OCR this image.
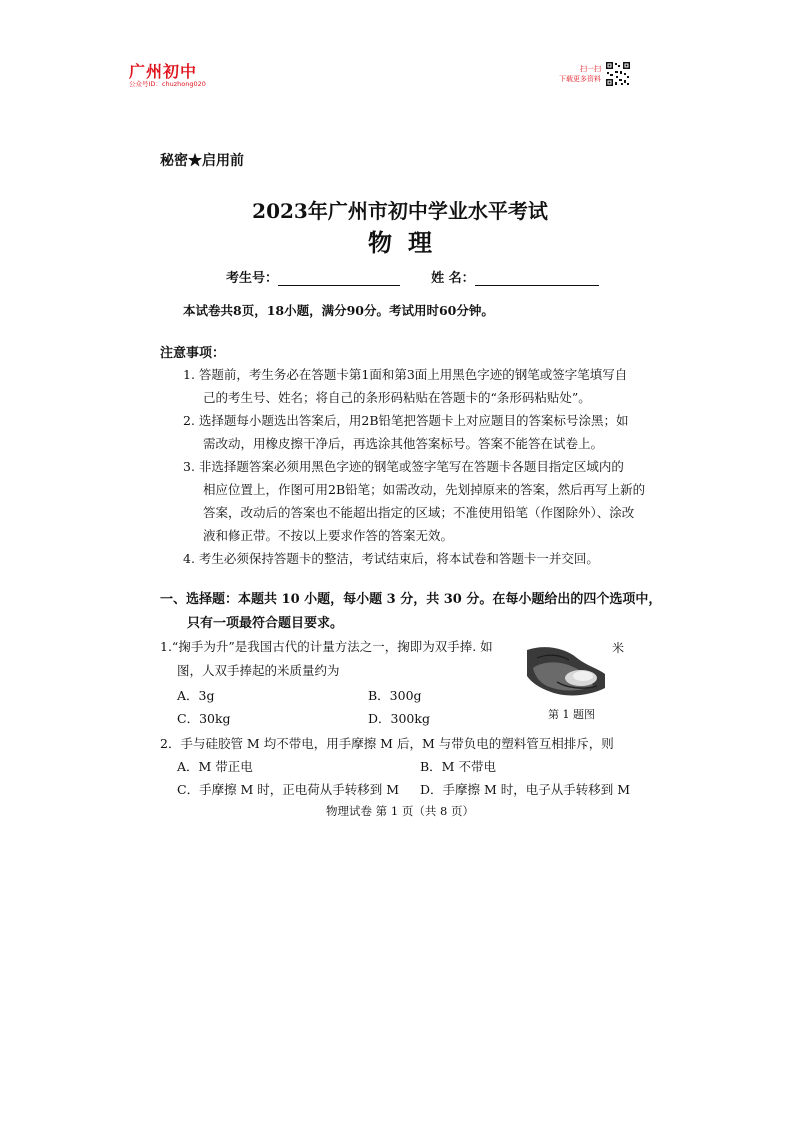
广州初中
公众号ID：chuzhong020
扫一扫
下载更多资料
秘密★启用前
2023年广州市初中学业水平考试
物理
考生号：	姓 名：
本试卷共8页，18小题，满分90分。考试用时60分钟。
注意事项：
1. 答题前，考生务必在答题卡第1面和第3面上用黑色字迹的钢笔或签字笔填写自
己的考生号、姓名；将自己的条形码粘贴在答题卡的“条形码粘贴处”。
2. 选择题每小题选出答案后，用2B铅笔把答题卡上对应题目的答案标号涂黑；如
需改动，用橡皮擦干净后，再选涂其他答案标号。答案不能答在试卷上。
3. 非选择题答案必须用黑色字迹的钢笔或签字笔写在答题卡各题目指定区域内的
相应位置上，作图可用2B铅笔；如需改动，先划掉原来的答案，然后再写上新的
答案，改动后的答案也不能超出指定的区域；不准使用铅笔（作图除外）、涂改
液和修正带。不按以上要求作答的答案无效。
4. 考生必须保持答题卡的整洁，考试结束后，将本试卷和答题卡一并交回。
一、选择题：本题共 10 小题，每小题 3 分，共 30 分。在每小题给出的四个选项中，
只有一项最符合题目要求。
1.“掬手为升”是我国古代的计量方法之一，掬即为双手捧. 如
图，人双手捧起的米质量约为
A．3g	B．300g
C．30kg	D．300kg
米
第 1 题图
2．手与硅胶管 M 均不带电，用手摩擦 M 后，M 与带负电的塑料管互相排斥，则
A．M 带正电	B．M 不带电
C．手摩擦 M 时，正电荷从手转移到 M D．手摩擦 M 时，电子从手转移到 M
物理试卷 第 1 页（共 8 页）
